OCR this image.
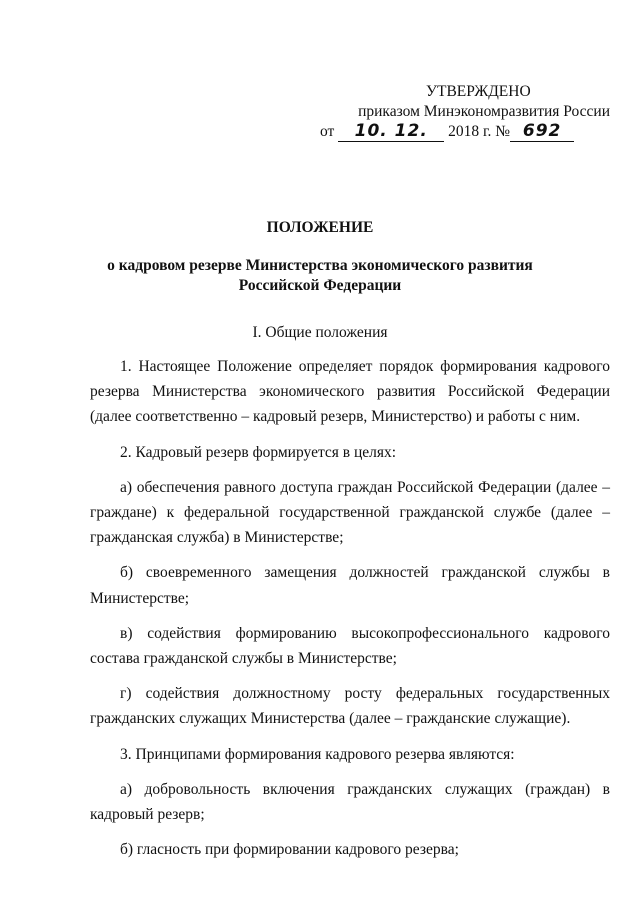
УТВЕРЖДЕНО
приказом Минэкономразвития России
от 10. 12. 2018 г. № 692
ПОЛОЖЕНИЕ
о кадровом резерве Министерства экономического развития
Российской Федерации
I. Общие положения

1. Настоящее Положение определяет порядок формирования кадрового резерва Министерства экономического развития Российской Федерации (далее соответственно – кадровый резерв, Министерство) и работы с ним.

2. Кадровый резерв формируется в целях:

а) обеспечения равного доступа граждан Российской Федерации (далее – граждане) к федеральной государственной гражданской службе (далее – гражданская служба) в Министерстве;

б) своевременного замещения должностей гражданской службы в Министерстве;

в) содействия формированию высокопрофессионального кадрового состава гражданской службы в Министерстве;

г) содействия должностному росту федеральных государственных гражданских служащих Министерства (далее – гражданские служащие).

3. Принципами формирования кадрового резерва являются:

а) добровольность включения гражданских служащих (граждан) в кадровый резерв;

б) гласность при формировании кадрового резерва;
